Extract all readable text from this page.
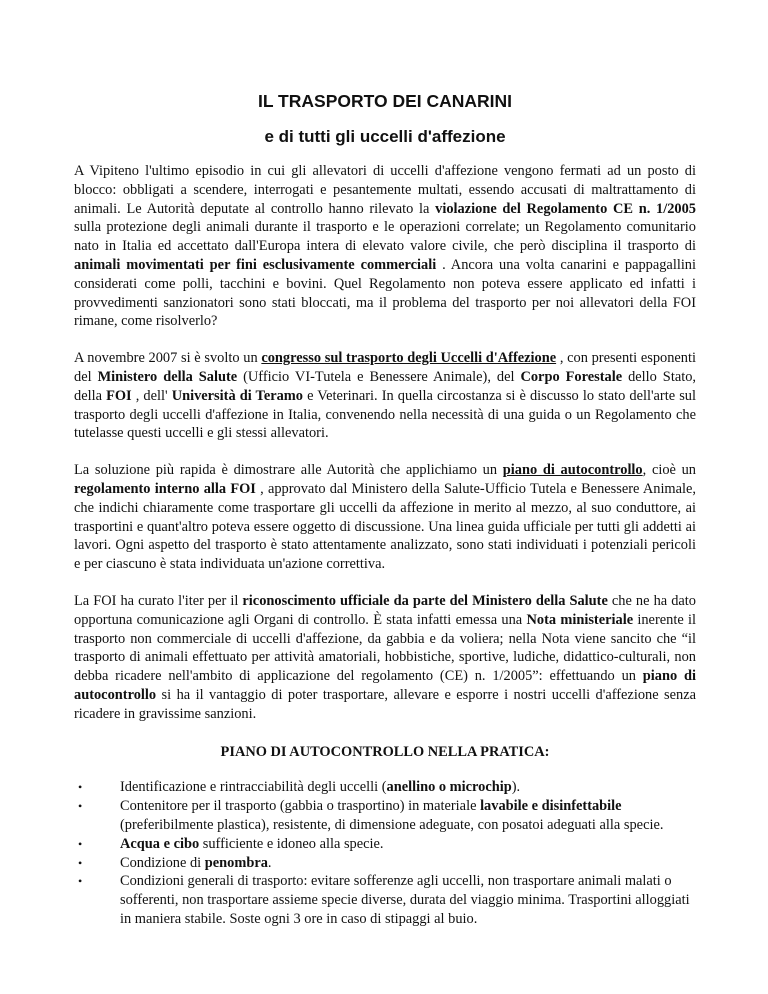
IL TRASPORTO DEI CANARINI
e di tutti gli uccelli d'affezione

A Vipiteno l'ultimo episodio in cui gli allevatori di uccelli d'affezione vengono fermati ad un posto di blocco: obbligati a scendere, interrogati e pesantemente multati, essendo accusati di maltrattamento di animali. Le Autorità deputate al controllo hanno rilevato la violazione del Regolamento CE n. 1/2005 sulla protezione degli animali durante il trasporto e le operazioni correlate; un Regolamento comunitario nato in Italia ed accettato dall'Europa intera di elevato valore civile, che però disciplina il trasporto di animali movimentati per fini esclusivamente commerciali . Ancora una volta canarini e pappagallini considerati come polli, tacchini e bovini. Quel Regolamento non poteva essere applicato ed infatti i provvedimenti sanzionatori sono stati bloccati, ma il problema del trasporto per noi allevatori della FOI rimane, come risolverlo?

A novembre 2007 si è svolto un congresso sul trasporto degli Uccelli d'Affezione , con presenti esponenti del Ministero della Salute (Ufficio VI-Tutela e Benessere Animale), del Corpo Forestale dello Stato, della FOI , dell' Università di Teramo e Veterinari. In quella circostanza si è discusso lo stato dell'arte sul trasporto degli uccelli d'affezione in Italia, convenendo nella necessità di una guida o un Regolamento che tutelasse questi uccelli e gli stessi allevatori.

La soluzione più rapida è dimostrare alle Autorità che applichiamo un piano di autocontrollo, cioè un regolamento interno alla FOI , approvato dal Ministero della Salute-Ufficio Tutela e Benessere Animale, che indichi chiaramente come trasportare gli uccelli da affezione in merito al mezzo, al suo conduttore, ai trasportini e quant'altro poteva essere oggetto di discussione. Una linea guida ufficiale per tutti gli addetti ai lavori. Ogni aspetto del trasporto è stato attentamente analizzato, sono stati individuati i potenziali pericoli e per ciascuno è stata individuata un'azione correttiva.

La FOI ha curato l'iter per il riconoscimento ufficiale da parte del Ministero della Salute che ne ha dato opportuna comunicazione agli Organi di controllo. È stata infatti emessa una Nota ministeriale inerente il trasporto non commerciale di uccelli d'affezione, da gabbia e da voliera; nella Nota viene sancito che “il trasporto di animali effettuato per attività amatoriali, hobbistiche, sportive, ludiche, didattico-culturali, non debba ricadere nell'ambito di applicazione del regolamento (CE) n. 1/2005”: effettuando un piano di autocontrollo si ha il vantaggio di poter trasportare, allevare e esporre i nostri uccelli d'affezione senza ricadere in gravissime sanzioni.

PIANO DI AUTOCONTROLLO NELLA PRATICA:
•	Identificazione e rintracciabilità degli uccelli (anellino o microchip).
•	Contenitore per il trasporto (gabbia o trasportino) in materiale lavabile e disinfettabile (preferibilmente plastica), resistente, di dimensione adeguate, con posatoi adeguati alla specie.
•	Acqua e cibo sufficiente e idoneo alla specie.
•	Condizione di penombra.
•	Condizioni generali di trasporto: evitare sofferenze agli uccelli, non trasportare animali malati o sofferenti, non trasportare assieme specie diverse, durata del viaggio minima. Trasportini alloggiati in maniera stabile. Soste ogni 3 ore in caso di stipaggi al buio.
